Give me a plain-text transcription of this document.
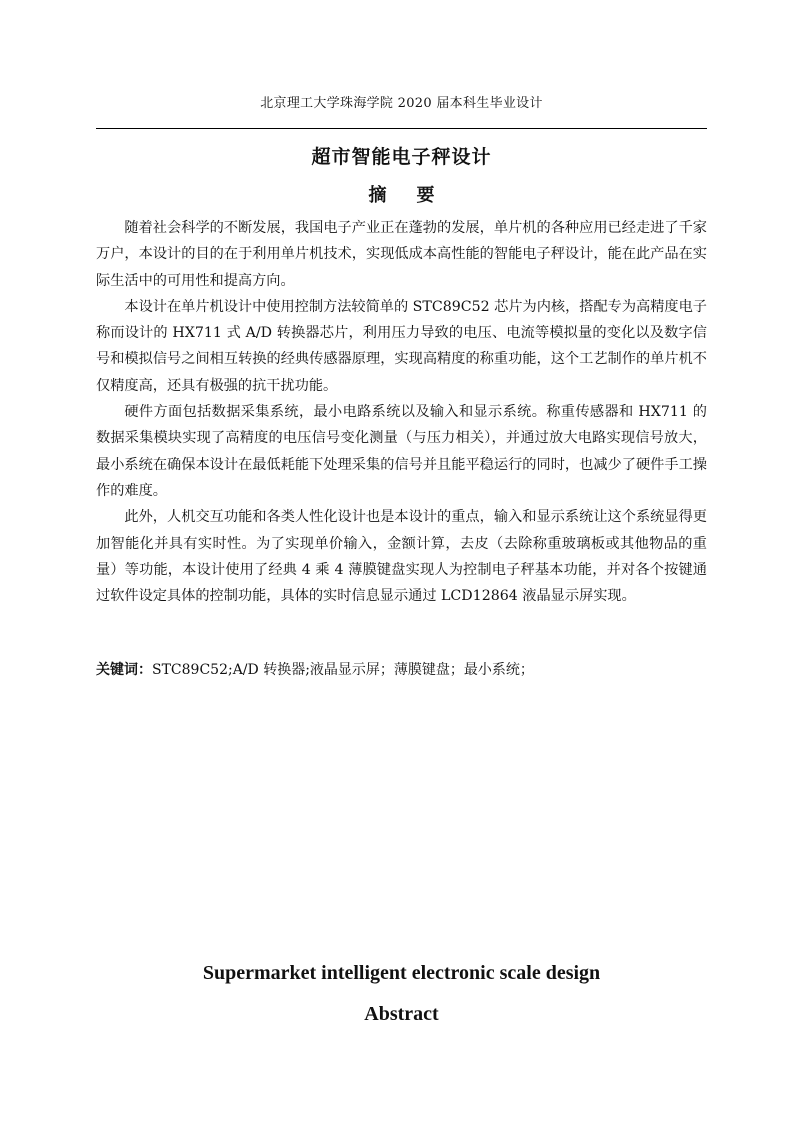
北京理工大学珠海学院 2020 届本科生毕业设计
超市智能电子秤设计
摘 要

随着社会科学的不断发展，我国电子产业正在蓬勃的发展，单片机的各种应用已经走进了千家万户，本设计的目的在于利用单片机技术，实现低成本高性能的智能电子秤设计，能在此产品在实际生活中的可用性和提高方向。

本设计在单片机设计中使用控制方法较简单的 STC89C52 芯片为内核，搭配专为高精度电子称而设计的 HX711 式 A/D 转换器芯片，利用压力导致的电压、电流等模拟量的变化以及数字信号和模拟信号之间相互转换的经典传感器原理，实现高精度的称重功能，这个工艺制作的单片机不仅精度高，还具有极强的抗干扰功能。

硬件方面包括数据采集系统，最小电路系统以及输入和显示系统。称重传感器和 HX711 的数据采集模块实现了高精度的电压信号变化测量（与压力相关），并通过放大电路实现信号放大，最小系统在确保本设计在最低耗能下处理采集的信号并且能平稳运行的同时，也减少了硬件手工操作的难度。

此外，人机交互功能和各类人性化设计也是本设计的重点，输入和显示系统让这个系统显得更加智能化并具有实时性。为了实现单价输入，金额计算，去皮（去除称重玻璃板或其他物品的重量）等功能，本设计使用了经典 4 乘 4 薄膜键盘实现人为控制电子秤基本功能，并对各个按键通过软件设定具体的控制功能，具体的实时信息显示通过 LCD12864 液晶显示屏实现。

关键词：STC89C52;A/D 转换器;液晶显示屏；薄膜键盘；最小系统；
Supermarket intelligent electronic scale design
Abstract
